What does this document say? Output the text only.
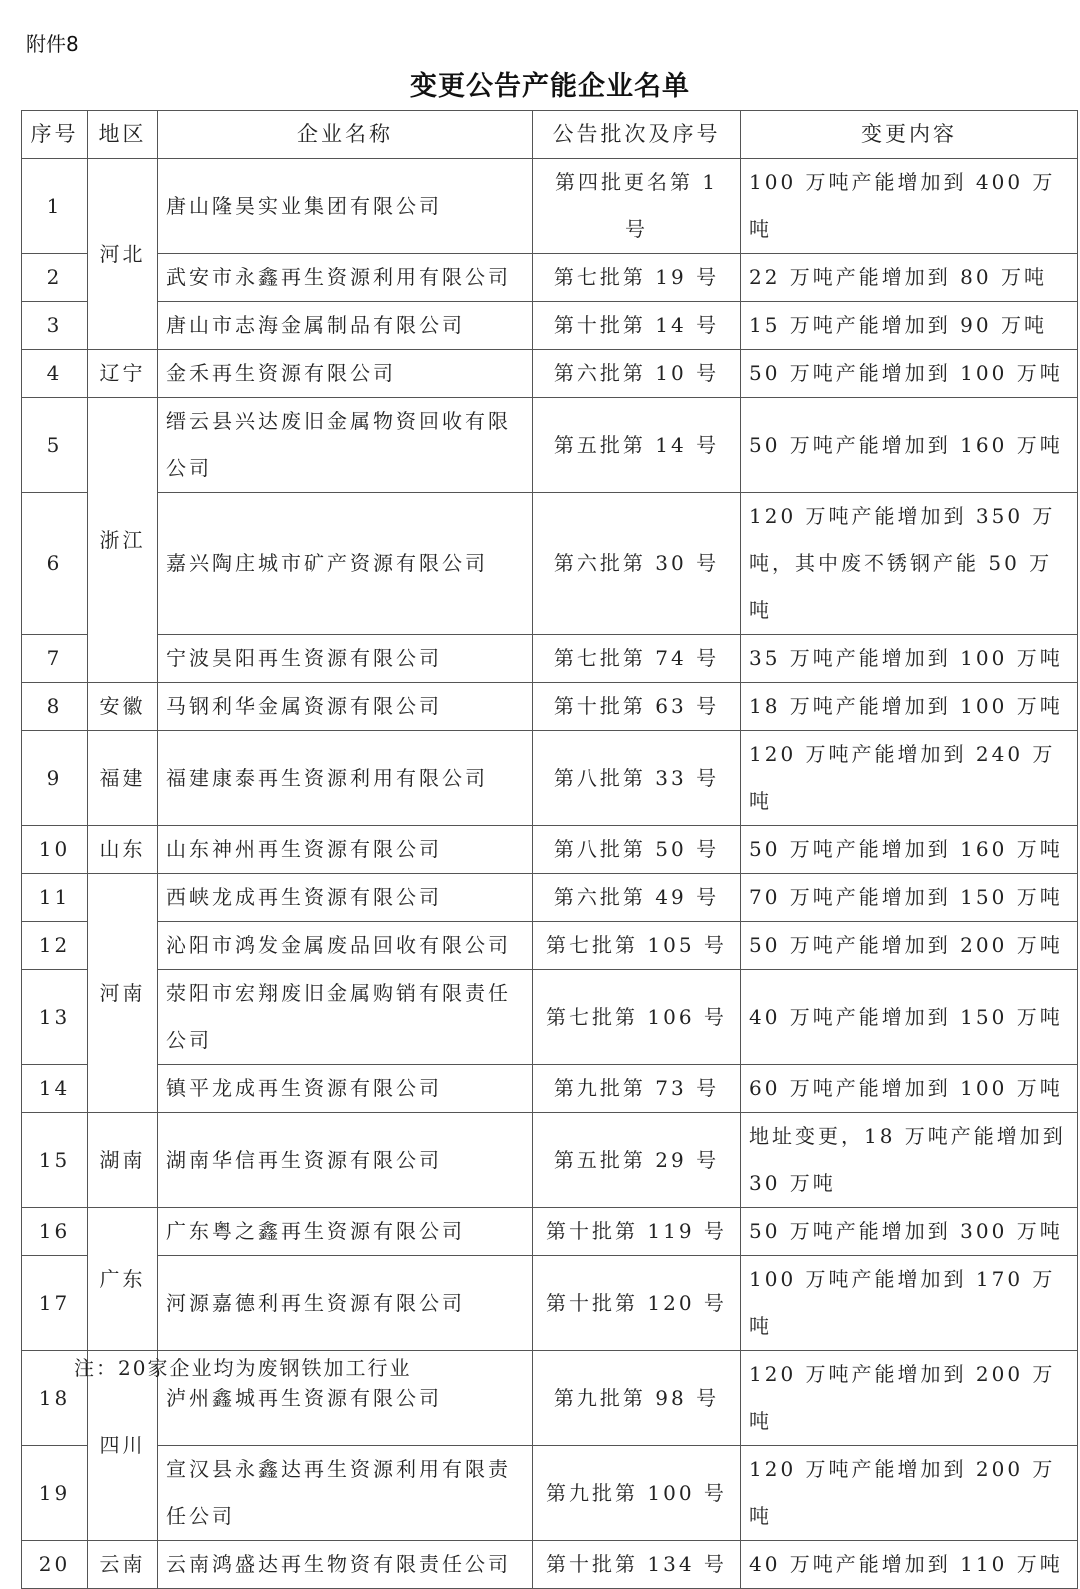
附件8
变更公告产能企业名单
序号	地区	企业名称	公告批次及序号	变更内容
1	河北	唐山隆昊实业集团有限公司	第四批更名第 1 号	100 万吨产能增加到 400 万吨
2		武安市永鑫再生资源利用有限公司	第七批第 19 号	22 万吨产能增加到 80 万吨
3		唐山市志海金属制品有限公司	第十批第 14 号	15 万吨产能增加到 90 万吨
4	辽宁	金禾再生资源有限公司	第六批第 10 号	50 万吨产能增加到 100 万吨
5	浙江	缙云县兴达废旧金属物资回收有限公司	第五批第 14 号	50 万吨产能增加到 160 万吨
6		嘉兴陶庄城市矿产资源有限公司	第六批第 30 号	120 万吨产能增加到 350 万吨，其中废不锈钢产能 50 万吨
7		宁波昊阳再生资源有限公司	第七批第 74 号	35 万吨产能增加到 100 万吨
8	安徽	马钢利华金属资源有限公司	第十批第 63 号	18 万吨产能增加到 100 万吨
9	福建	福建康泰再生资源利用有限公司	第八批第 33 号	120 万吨产能增加到 240 万吨
10	山东	山东神州再生资源有限公司	第八批第 50 号	50 万吨产能增加到 160 万吨
11	河南	西峡龙成再生资源有限公司	第六批第 49 号	70 万吨产能增加到 150 万吨
12		沁阳市鸿发金属废品回收有限公司	第七批第 105 号	50 万吨产能增加到 200 万吨
13		荥阳市宏翔废旧金属购销有限责任公司	第七批第 106 号	40 万吨产能增加到 150 万吨
14		镇平龙成再生资源有限公司	第九批第 73 号	60 万吨产能增加到 100 万吨
15	湖南	湖南华信再生资源有限公司	第五批第 29 号	地址变更，18 万吨产能增加到 30 万吨
16	广东	广东粤之鑫再生资源有限公司	第十批第 119 号	50 万吨产能增加到 300 万吨
17		河源嘉德利再生资源有限公司	第十批第 120 号	100 万吨产能增加到 170 万吨
18	四川	泸州鑫城再生资源有限公司	第九批第 98 号	120 万吨产能增加到 200 万吨
19		宣汉县永鑫达再生资源利用有限责任公司	第九批第 100 号	120 万吨产能增加到 200 万吨
20	云南	云南鸿盛达再生物资有限责任公司	第十批第 134 号	40 万吨产能增加到 110 万吨
注：20家企业均为废钢铁加工行业
